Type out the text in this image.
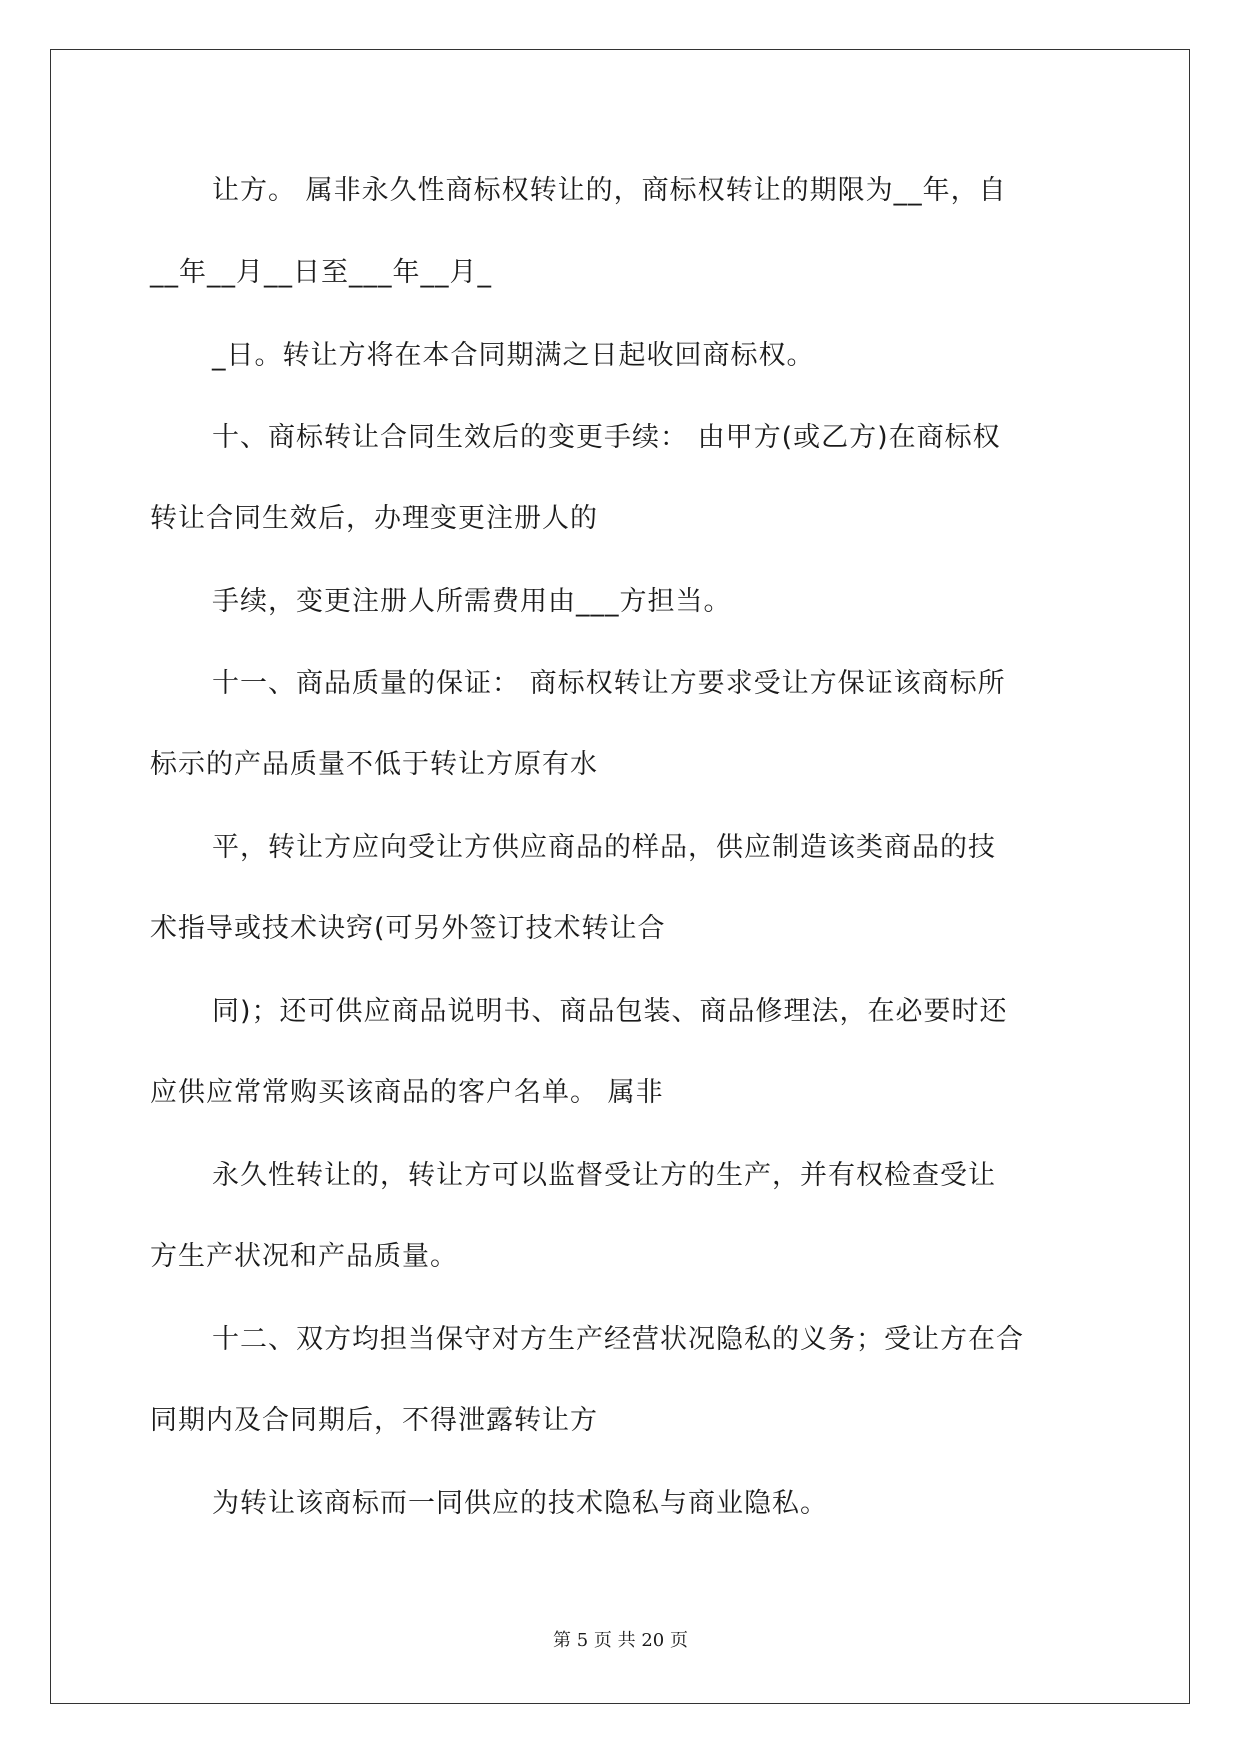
让方。 属非永久性商标权转让的，商标权转让的期限为__年，自
__年__月__日至___年__月_
_日。转让方将在本合同期满之日起收回商标权。
十、商标转让合同生效后的变更手续： 由甲方(或乙方)在商标权
转让合同生效后，办理变更注册人的
手续，变更注册人所需费用由___方担当。
十一、商品质量的保证： 商标权转让方要求受让方保证该商标所
标示的产品质量不低于转让方原有水
平，转让方应向受让方供应商品的样品，供应制造该类商品的技
术指导或技术诀窍(可另外签订技术转让合
同)；还可供应商品说明书、商品包装、商品修理法，在必要时还
应供应常常购买该商品的客户名单。 属非
永久性转让的，转让方可以监督受让方的生产，并有权检查受让
方生产状况和产品质量。
十二、双方均担当保守对方生产经营状况隐私的义务；受让方在合
同期内及合同期后，不得泄露转让方
为转让该商标而一同供应的技术隐私与商业隐私。
第 5 页 共 20 页
